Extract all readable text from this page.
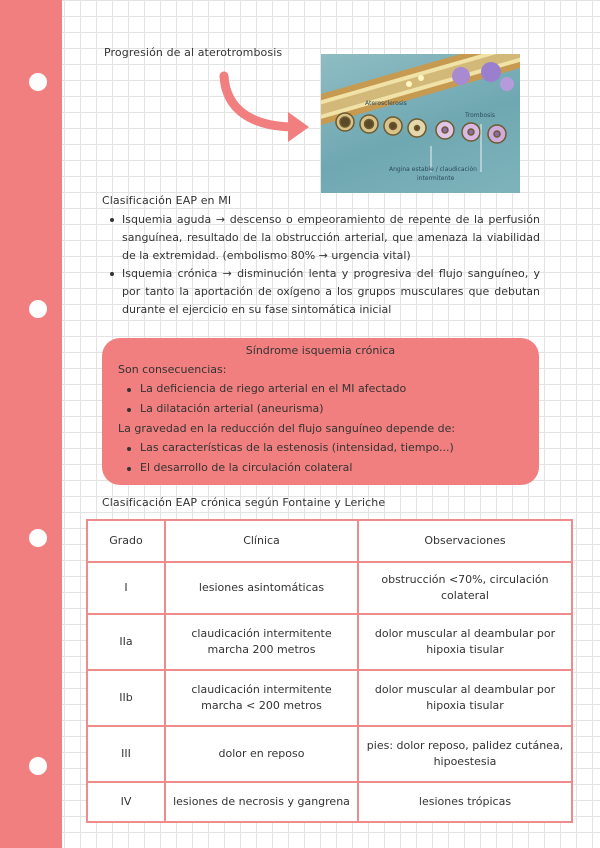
Progresión de al aterotrombosis
Aterosclerosis
Trombosis
Angina estable / claudicación
intermitente
Clasificación EAP en MI
Isquemia aguda → descenso o empeoramiento de repente de la perfusión sanguínea, resultado de la obstrucción arterial, que amenaza la viabilidad de la extremidad. (embolismo 80% → urgencia vital)
Isquemia crónica → disminución lenta y progresiva del flujo sanguíneo, y por tanto la aportación de oxígeno a los grupos musculares que debutan durante el ejercicio en su fase sintomática inicial
Síndrome isquemia crónica
Son consecuencias:
La deficiencia de riego arterial en el MI afectado
La dilatación arterial (aneurisma)
La gravedad en la reducción del flujo sanguíneo depende de:
Las características de la estenosis (intensidad, tiempo...)
El desarrollo de la circulación colateral
Clasificación EAP crónica según Fontaine y Leriche
Grado	Clínica	Observaciones
I	lesiones asintomáticas	obstrucción <70%, circulación colateral
IIa	claudicación intermitente marcha 200 metros	dolor muscular al deambular por hipoxia tisular
IIb	claudicación intermitente marcha < 200 metros	dolor muscular al deambular por hipoxia tisular
III	dolor en reposo	pies: dolor reposo, palidez cutánea, hipoestesia
IV	lesiones de necrosis y gangrena	lesiones trópicas
